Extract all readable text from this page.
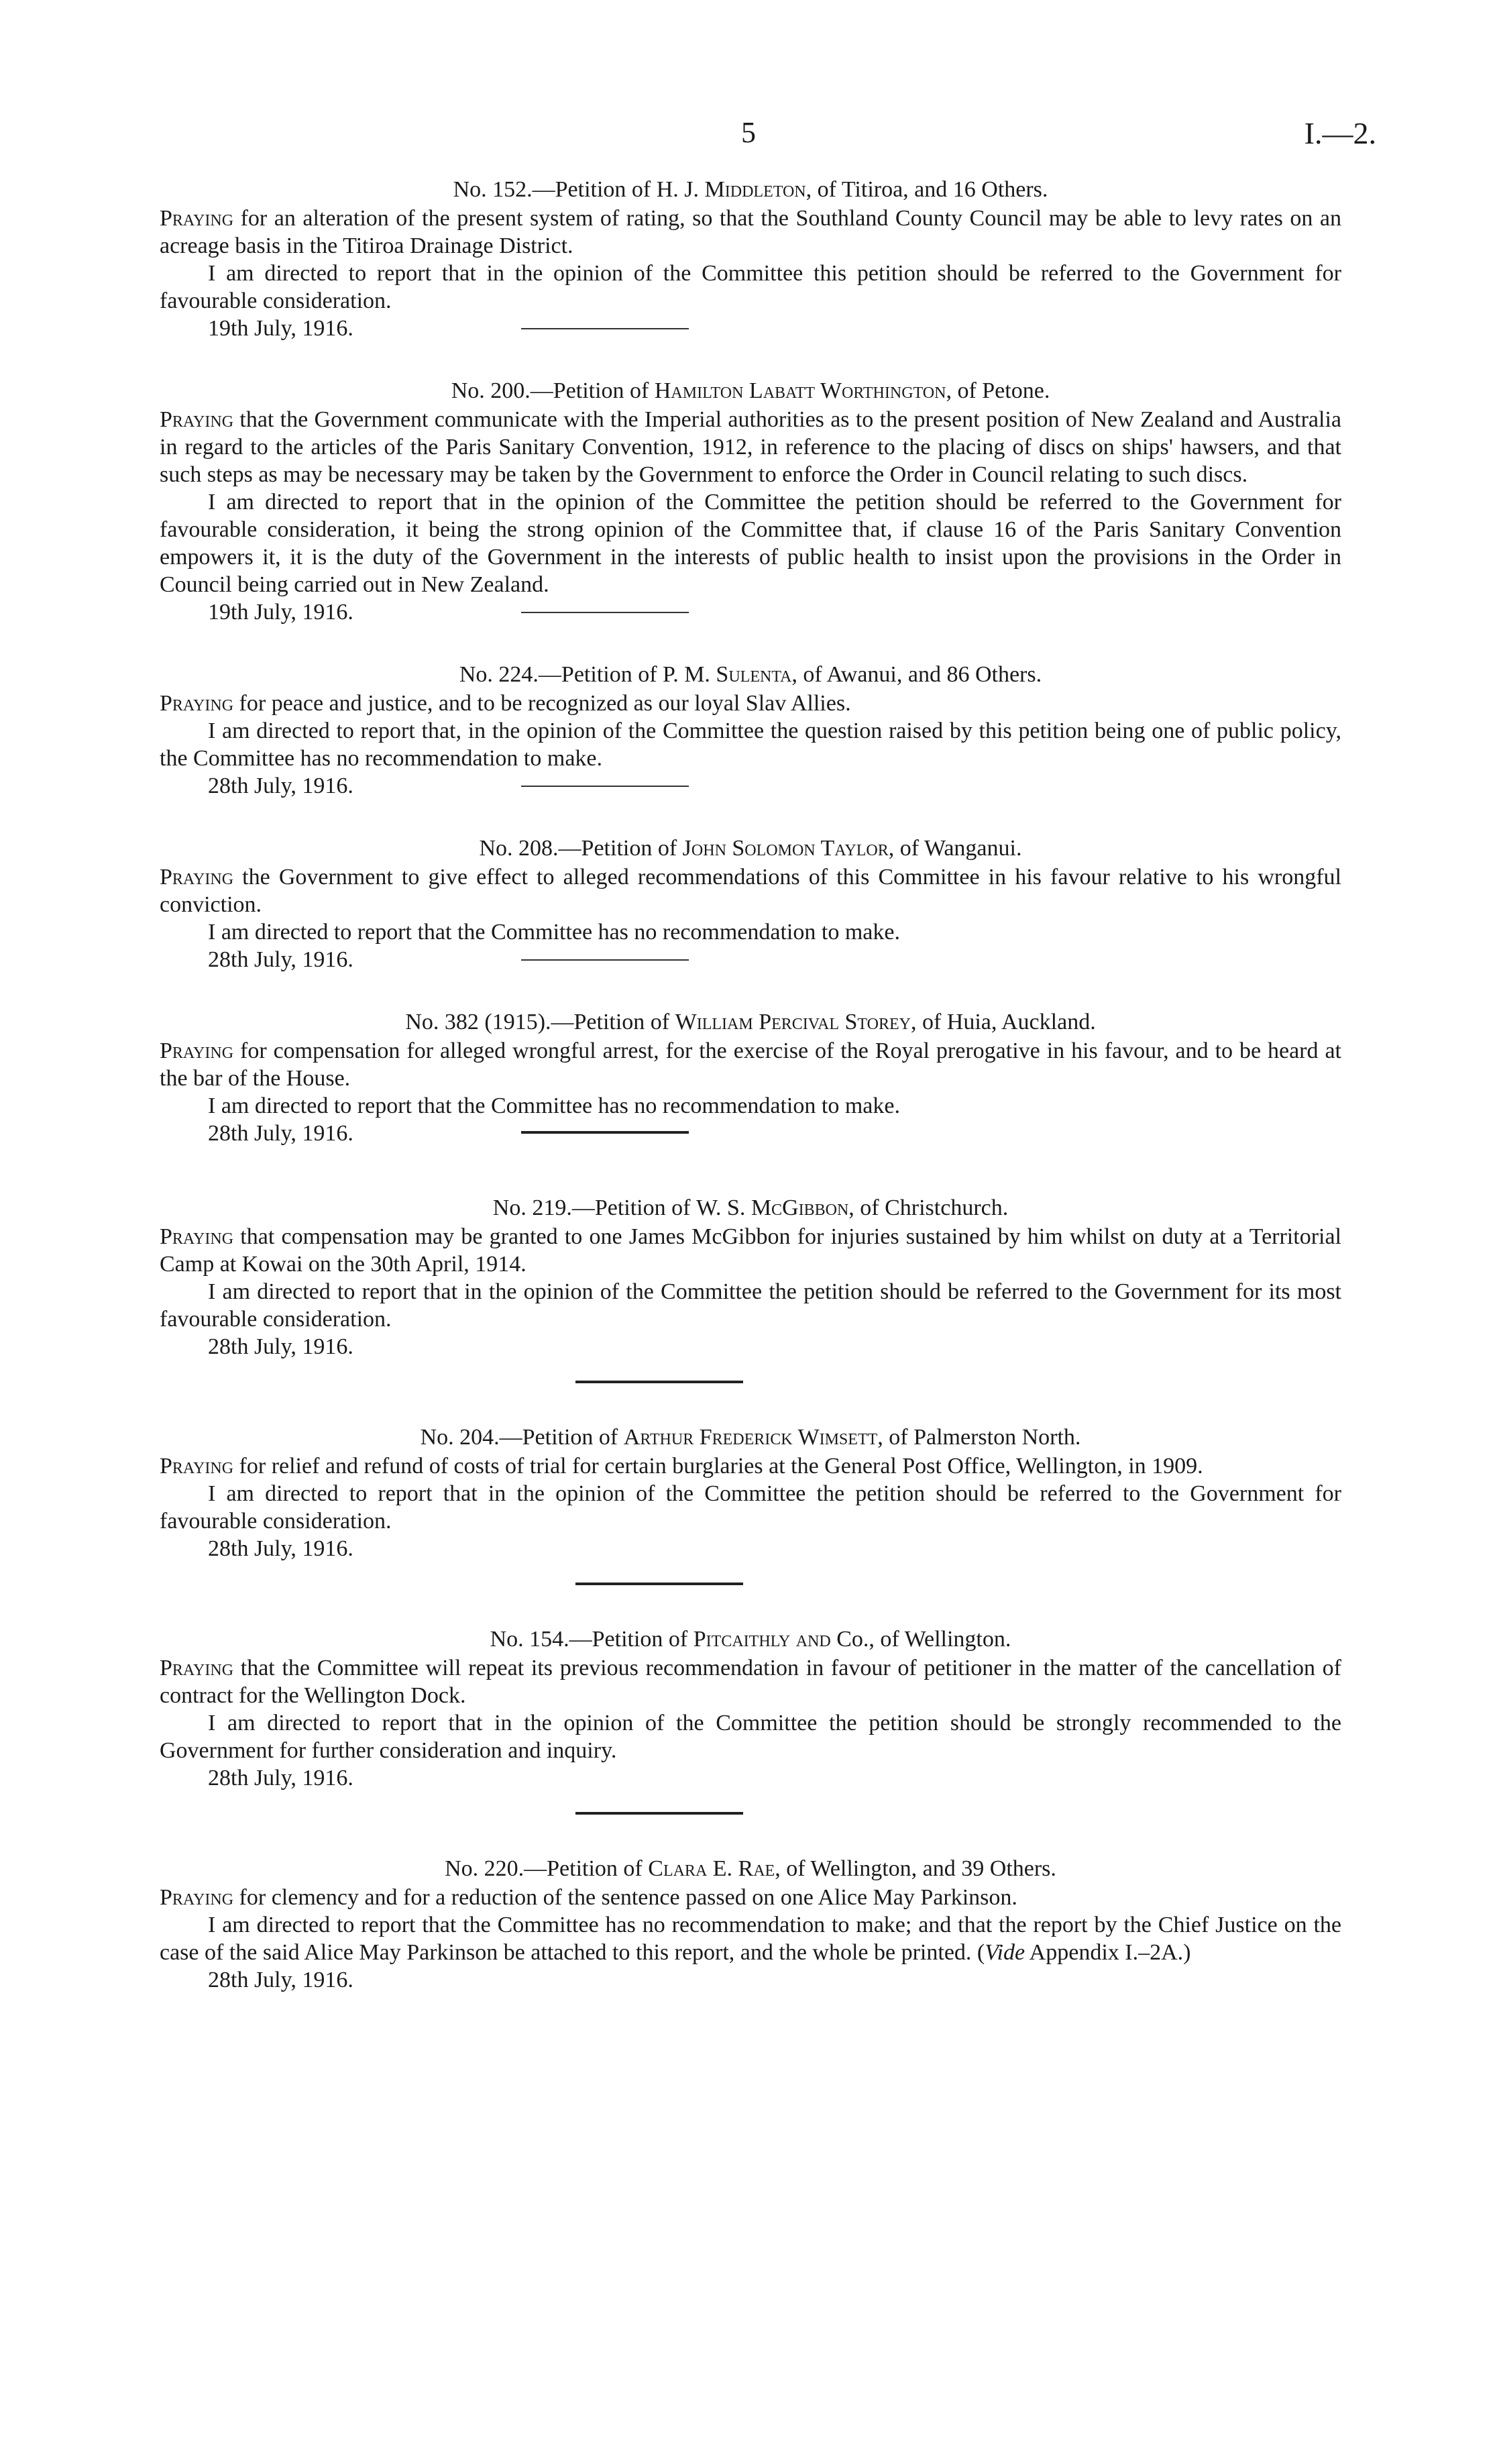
5	I.—2.
No. 152.—Petition of H. J. Middleton, of Titiroa, and 16 Others.

Praying for an alteration of the present system of rating, so that the Southland County Council may be able to levy rates on an acreage basis in the Titiroa Drainage District.

I am directed to report that in the opinion of the Committee this petition should be referred to the Government for favourable consideration.

19th July, 1916.
No. 200.—Petition of Hamilton Labatt Worthington, of Petone.

Praying that the Government communicate with the Imperial authorities as to the present position of New Zealand and Australia in regard to the articles of the Paris Sanitary Convention, 1912, in reference to the placing of discs on ships' hawsers, and that such steps as may be necessary may be taken by the Government to enforce the Order in Council relating to such discs.

I am directed to report that in the opinion of the Committee the petition should be referred to the Government for favourable consideration, it being the strong opinion of the Committee that, if clause 16 of the Paris Sanitary Convention empowers it, it is the duty of the Government in the interests of public health to insist upon the provisions in the Order in Council being carried out in New Zealand.

19th July, 1916.
No. 224.—Petition of P. M. Sulenta, of Awanui, and 86 Others.

Praying for peace and justice, and to be recognized as our loyal Slav Allies.

I am directed to report that, in the opinion of the Committee the question raised by this petition being one of public policy, the Committee has no recommendation to make.

28th July, 1916.
No. 208.—Petition of John Solomon Taylor, of Wanganui.

Praying the Government to give effect to alleged recommendations of this Committee in his favour relative to his wrongful conviction.

I am directed to report that the Committee has no recommendation to make.

28th July, 1916.
No. 382 (1915).—Petition of William Percival Storey, of Huia, Auckland.

Praying for compensation for alleged wrongful arrest, for the exercise of the Royal prerogative in his favour, and to be heard at the bar of the House.

I am directed to report that the Committee has no recommendation to make.

28th July, 1916.
No. 219.—Petition of W. S. McGibbon, of Christchurch.

Praying that compensation may be granted to one James McGibbon for injuries sustained by him whilst on duty at a Territorial Camp at Kowai on the 30th April, 1914.

I am directed to report that in the opinion of the Committee the petition should be referred to the Government for its most favourable consideration.

28th July, 1916.
No. 204.—Petition of Arthur Frederick Wimsett, of Palmerston North.

Praying for relief and refund of costs of trial for certain burglaries at the General Post Office, Wellington, in 1909.

I am directed to report that in the opinion of the Committee the petition should be referred to the Government for favourable consideration.

28th July, 1916.
No. 154.—Petition of Pitcaithly and Co., of Wellington.

Praying that the Committee will repeat its previous recommendation in favour of petitioner in the matter of the cancellation of contract for the Wellington Dock.

I am directed to report that in the opinion of the Committee the petition should be strongly recommended to the Government for further consideration and inquiry.

28th July, 1916.
No. 220.—Petition of Clara E. Rae, of Wellington, and 39 Others.

Praying for clemency and for a reduction of the sentence passed on one Alice May Parkinson.

I am directed to report that the Committee has no recommendation to make; and that the report by the Chief Justice on the case of the said Alice May Parkinson be attached to this report, and the whole be printed. (Vide Appendix I.–2A.)

28th July, 1916.
